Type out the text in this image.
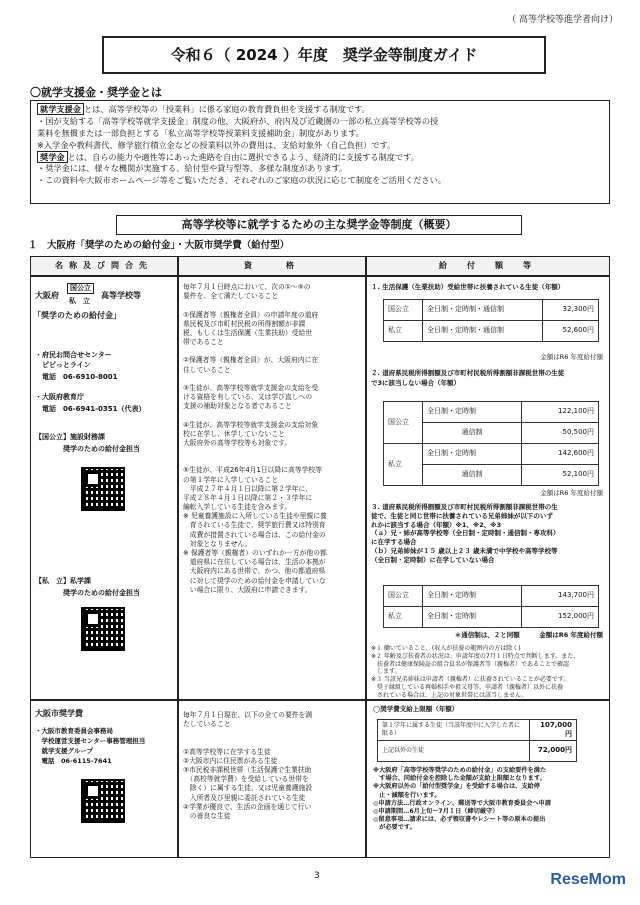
（ 高等学校等進学者向け）
令和６（ 2024 ）年度　奨学金等制度ガイド
〇就学支援金・奨学金とは
就学支援金 とは、高等学校等の「授業料」に係る家庭の教育費負担を支援する制度です。
・国が支給する「高等学校等就学支援金」制度の他、大阪府が、府内及び近畿圏の一部の私立高等学校等の授
業料を無償または一部負担とする「私立高等学校等授業料支援補助金」制度があります。
※入学金や教科書代、修学旅行積立金などの授業料以外の費用は、支給対象外（自己負担）です。
奨学金 とは、自らの能力や適性等にあった進路を自由に選択できるよう、経済的に支援する制度です。
・奨学金には、様々な機関が実施する、給付型や貸与型等、多様な制度があります。
・この資料や大阪市ホームページ等をご覧いただき、それぞれのご家庭の状況に応じて制度をご活用ください。
高等学校等に就学するための主な奨学金等制度（概要）
１　大阪府「奨学のための給付金」・大阪市奨学費（給付型）
名称及び問合先	資　　格	給　付　額　等
大阪府
国公立
私　立
高等学校等
「奨学のための給付金」
・府民お問合せセンター
　ピピっとライン
　電話　06-6910-8001
・大阪府教育庁
　電話　06-6941-0351（代表）
【国公立】施設財務課
　　　　奨学のための給付金担当
【私　立】私学課
　　　　奨学のための給付金担当
毎年７月１日時点において、次の①～⑤の
要件を、全て満たしていること

①保護者等（親権者全員）の申請年度の道府
県民税及び市町村民税の所得割額が非課
税、もしくは生活保護（生業扶助）受給世
帯であること

②保護者等（親権者全員）が、大阪府内に在
住していること

③生徒が、高等学校等就学支援金の支給を受
ける資格を有している、又は学び直しへの
支援の補助対象となる者であること

④生徒が、高等学校等就学支援金の支給対象
校に在学し、休学していないこと
大阪府外の高等学校等も対象です。

⑤生徒が、平成26年4月1日以降に高等学校等
の第１学年に入学していること
　平成２７年４月１日以降に第２学年に、
平成２８年４月１日以降に第２・３学年に
編転入学している生徒を含みます。
※ 児童養護施設に入所している生徒や里親に養
　育されている生徒で、奨学旅行費又は特別育
　成費が措置されている場合は、この給付金の
　対象となりません。
※ 保護者等（親権者）のいずれか一方が他の都
　道府県に在住している場合は、生活の本拠が
　大阪府内にある世帯で、かつ、他の都道府県
　に対して奨学のための給付金を申請していな
　い場合に限り、大阪府に申請できます。
１. 生活保護（生業扶助）受給世帯に扶養されている生徒（年額）
国公立	全日制・定時制・通信制	32,300円
私立	全日制・定時制・通信制	52,600円
金額はR6 年度給付額
２. 道府県民税所得割額及び市町村民税所得割額非課税世帯の生徒
で3に該当しない場合（年額）
国公立	全日制・定時制	122,100円
	通信制	50,500円
私立	全日制・定時制	142,600円
	通信制	52,100円
金額はR6 年度給付額
３. 道府県民税所得割額及び市町村民税所得割額非課税世帯の生
徒で、生徒と同じ世帯に扶養されている兄弟姉妹が以下のいず
れかに該当する場合（年額）※1、※2、※3
（ａ）兄・姉が高等学校等（全日制・定時制・通信制・専攻科）
に在学する場合
（ｂ）兄弟姉妹が１５ 歳以上２３ 歳未満で中学校や高等学校等
（全日制・定時制）に在学していない場合
国公立	全日制・定時制	143,700円
私立	全日制・定時制	152,000円
＊通信制は、２と同額　　　金額はR6 年度給付額
※１ 働いていること、(収入が扶養の範囲内の方は除く)
※２ 年齢及び扶養者の状況は、申請年度の7月１日時点で判断します。また、
　扶養者は健康保険証の組合員名が保護者等（親権者）であることで確認
　します。
※３ 当該兄弟姉妹は申請者（親権者）に扶養されていることが必要です。
　奨子縁組している再婚相手や祖父母等、申請者（親権者）以外に扶養
　されている場合は、上記の対象世帯には該当しません。
大阪市奨学費
・大阪市教育委員会事務局
　学校運営支援センター事務管理担当
　就学支援グループ
　電話　06-6115-7641
毎年７月１日現在、以下の全ての要件を満
たしていること

①高等学校等に在学する生徒
②大阪市内に住民票がある生徒
③市民税非課税世帯（生活保護で生業扶助
　（高校等就学費）を受給している世帯を
　除く）に属する生徒、又は児童養護施設
　入所者及び里親に委託されている生徒
④学業が優良で、生活の企画を通じて行い
　の善良な生徒
◯奨学費支給上限額（年額）
第１学年に属する生徒（当該年度中に入学した者に限る）	107,000円
上記以外の生徒	72,000円
※大阪府「高等学校等奨学のための給付金」の支給要件を満た
　す場合、同給付金を控除した金額が支給上限額となります。
※大阪府以外の「給付型奨学金」を受給する場合は、支給停
　止・減額を行います。
◎申請方法…行政オンライン、郵送等で大阪市教育委員会へ申請
◎申請期間…6月上旬～7月１日（締切厳守）
◎留意事項…請求には、必ず領収書やレシート等の原本の提出
　が必要です。
3	ReseMom
